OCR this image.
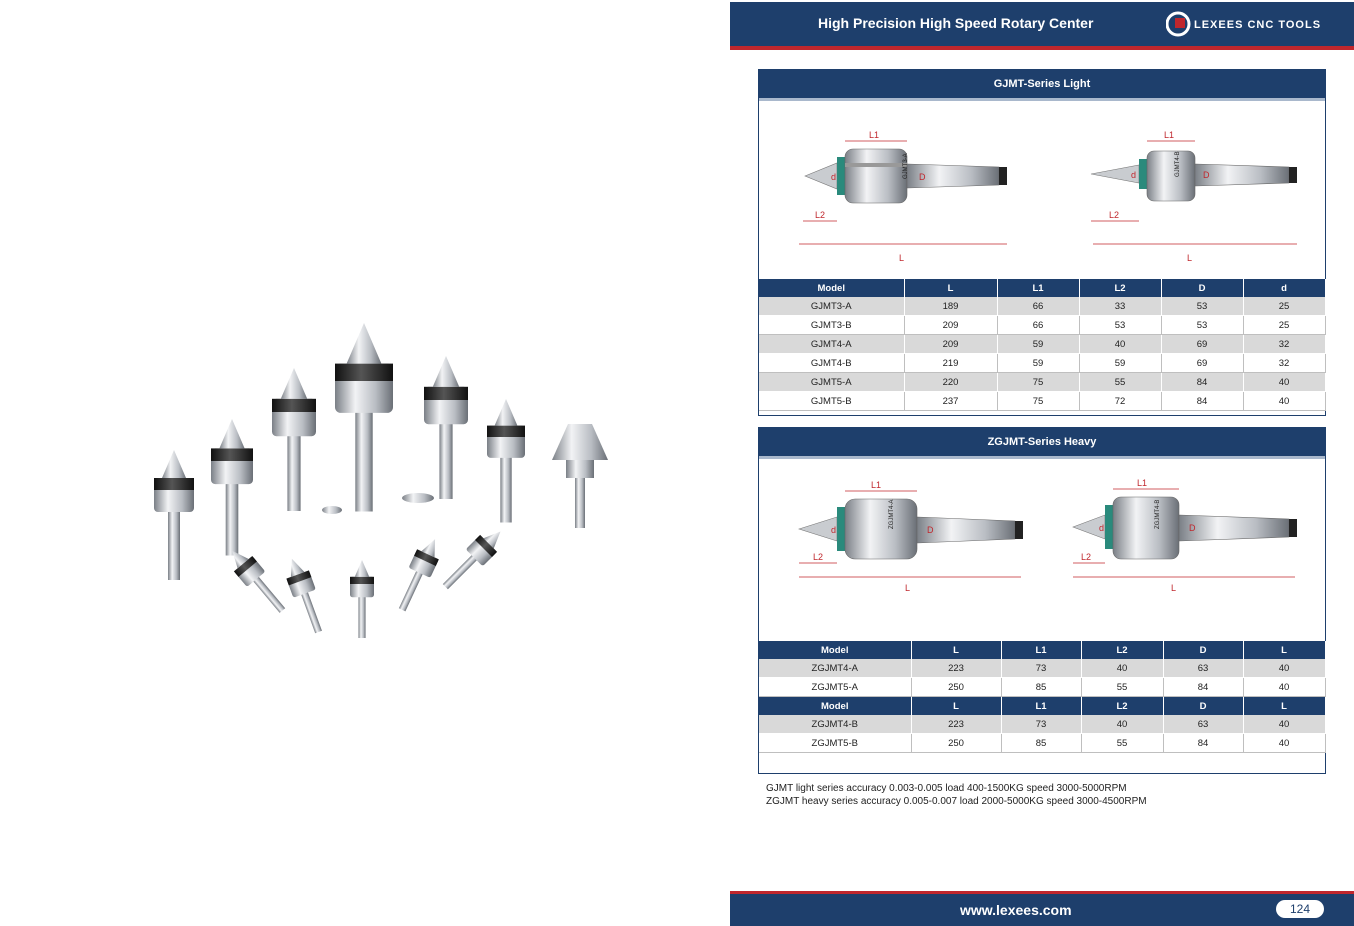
High Precision High Speed Rotary Center	LEXEES CNC TOOLS
GJMT-Series Light
GJMT3-A
L1
L2
L
D
d
L1
L2
L
D
d	GJMT4-B
Model	L	L1	L2	D	d
GJMT3-A	189	66	33	53	25
GJMT3-B	209	66	53	53	25
GJMT4-A	209	59	40	69	32
GJMT4-B	219	59	59	69	32
GJMT5-A	220	75	55	84	40
GJMT5-B	237	75	72	84	40
ZGJMT-Series Heavy
L1
L2
L
D
d
ZGJMT4-A
L1
L2
L
D
d	ZGJMT4-B
Model	L	L1	L2	D	L
ZGJMT4-A	223	73	40	63	40
ZGJMT5-A	250	85	55	84	40
Model	L	L1	L2	D	L
ZGJMT4-B	223	73	40	63	40
ZGJMT5-B	250	85	55	84	40
GJMT light series accuracy 0.003-0.005 load 400-1500KG speed 3000-5000RPM
ZGJMT heavy series accuracy 0.005-0.007 load 2000-5000KG speed 3000-4500RPM
www.lexees.com	124
